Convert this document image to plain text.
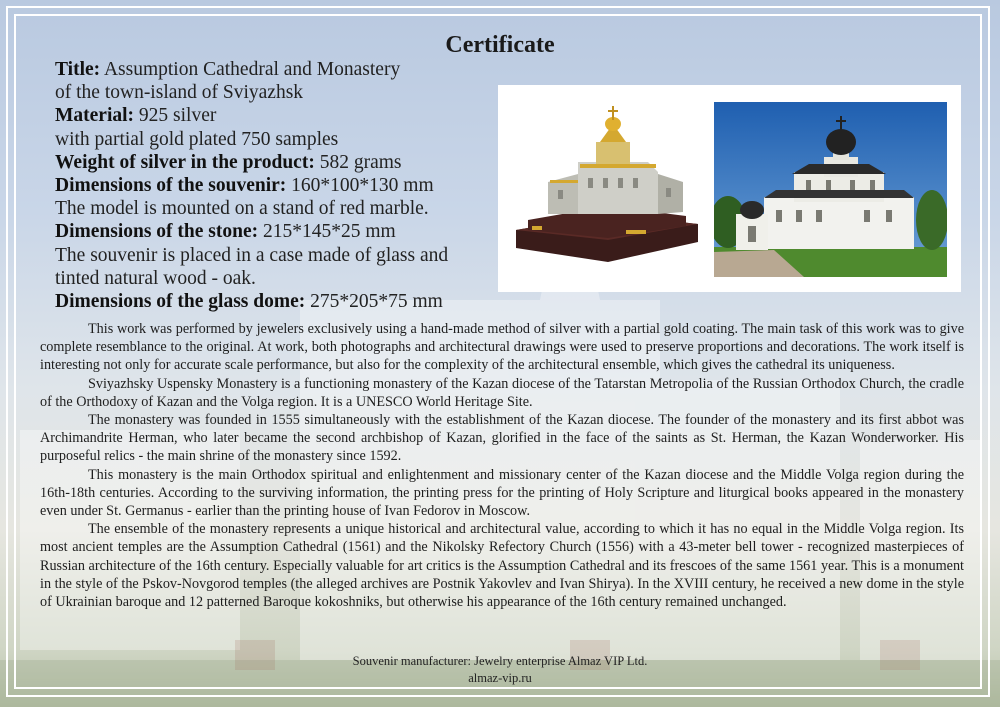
Certificate
Title: Assumption Cathedral and Monastery
of the town-island of Sviyazhsk
Material: 925 silver
with partial gold plated 750 samples
Weight of silver in the product: 582 grams
Dimensions of the souvenir: 160*100*130 mm
The model is mounted on a stand of red marble.
Dimensions of the stone: 215*145*25 mm
The souvenir is placed in a case made of glass and
tinted natural wood - oak.
Dimensions of the glass dome: 275*205*75 mm

This work was performed by jewelers exclusively using a hand-made method of silver with a partial gold coating. The main task of this work was to give complete resemblance to the original. At work, both photographs and architectural drawings were used to preserve proportions and decorations. The work itself is interesting not only for accurate scale performance, but also for the complexity of the architectural ensemble, which gives the cathedral its uniqueness.

Sviyazhsky Uspensky Monastery is a functioning monastery of the Kazan diocese of the Tatarstan Metropolia of the Russian Orthodox Church, the cradle of the Orthodoxy of Kazan and the Volga region. It is a UNESCO World Heritage Site.

The monastery was founded in 1555 simultaneously with the establishment of the Kazan diocese. The founder of the monastery and its first abbot was Archimandrite Herman, who later became the second archbishop of Kazan, glorified in the face of the saints as St. Herman, the Kazan Wonderworker. His purposeful relics - the main shrine of the monastery since 1592.

This monastery is the main Orthodox spiritual and enlightenment and missionary center of the Kazan diocese and the Middle Volga region during the 16th-18th centuries. According to the surviving information, the printing press for the printing of Holy Scripture and liturgical books appeared in the monastery even under St. Germanus - earlier than the printing house of Ivan Fedorov in Moscow.

The ensemble of the monastery represents a unique historical and architectural value, according to which it has no equal in the Middle Volga region. Its most ancient temples are the Assumption Cathedral (1561) and the Nikolsky Refectory Church (1556) with a 43-meter bell tower - recognized masterpieces of Russian architecture of the 16th century. Especially valuable for art critics is the Assumption Cathedral and its frescoes of the same 1561 year. This is a monument in the style of the Pskov-Novgorod temples (the alleged archives are Postnik Yakovlev and Ivan Shirya). In the XVIII century, he received a new dome in the style of Ukrainian baroque and 12 patterned Baroque kokoshniks, but otherwise his appearance of the 16th century remained unchanged.

Souvenir manufacturer: Jewelry enterprise Almaz VIP Ltd.
almaz-vip.ru
